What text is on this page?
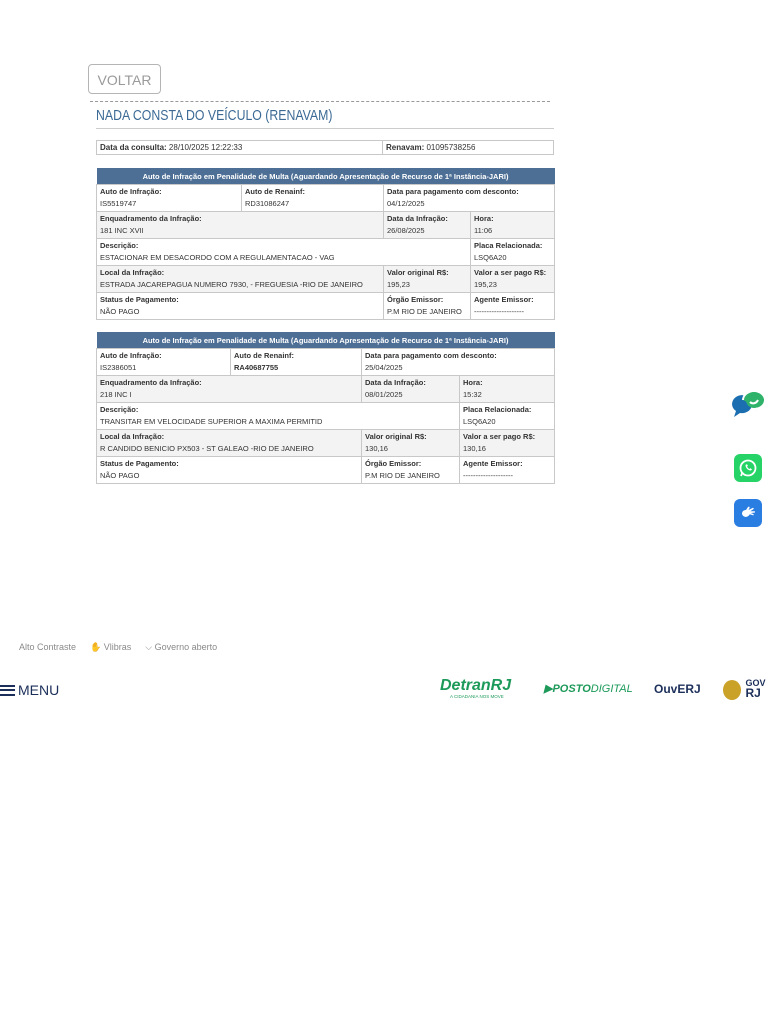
VOLTAR
NADA CONSTA DO VEÍCULO (RENAVAM)
Data da consulta: 28/10/2025 12:22:33	Renavam: 01095738256
Auto de Infração em Penalidade de Multa (Aguardando Apresentação de Recurso de 1ª Instância-JARI)			

Auto de Infração:
IS5519747	Auto de Renainf:
RD31086247	Data para pagamento com desconto:
04/12/2025	

Enquadramento da Infração:
181 INC XVII		Data da Infração:
26/08/2025	Hora:
11:06

Descrição:
ESTACIONAR EM DESACORDO COM A REGULAMENTACAO - VAG			Placa Relacionada:
LSQ6A20

Local da Infração:
ESTRADA JACAREPAGUA NUMERO 7930, - FREGUESIA -RIO DE JANEIRO		Valor original R$:
195,23	Valor a ser pago R$:
195,23

Status de Pagamento:
NÃO PAGO		Órgão Emissor:
P.M RIO DE JANEIRO	Agente Emissor:
--------------------
Auto de Infração em Penalidade de Multa (Aguardando Apresentação de Recurso de 1ª Instância-JARI)			

Auto de Infração:
IS2386051	Auto de Renainf:
RA40687755	Data para pagamento com desconto:
25/04/2025	

Enquadramento da Infração:
218 INC I		Data da Infração:
08/01/2025	Hora:
15:32

Descrição:
TRANSITAR EM VELOCIDADE SUPERIOR A MAXIMA PERMITID			Placa Relacionada:
LSQ6A20

Local da Infração:
R CANDIDO BENICIO PX503 - ST GALEAO -RIO DE JANEIRO		Valor original R$:
130,16	Valor a ser pago R$:
130,16

Status de Pagamento:
NÃO PAGO		Órgão Emissor:
P.M RIO DE JANEIRO	Agente Emissor:
--------------------
Alto Contraste ✋ Vlibras ⌵ Governo aberto
MENU	DetranRJ
A CIDADANIA NOS MOVE
▶POSTODIGITAL OuvERJ
	GOV
RJ
